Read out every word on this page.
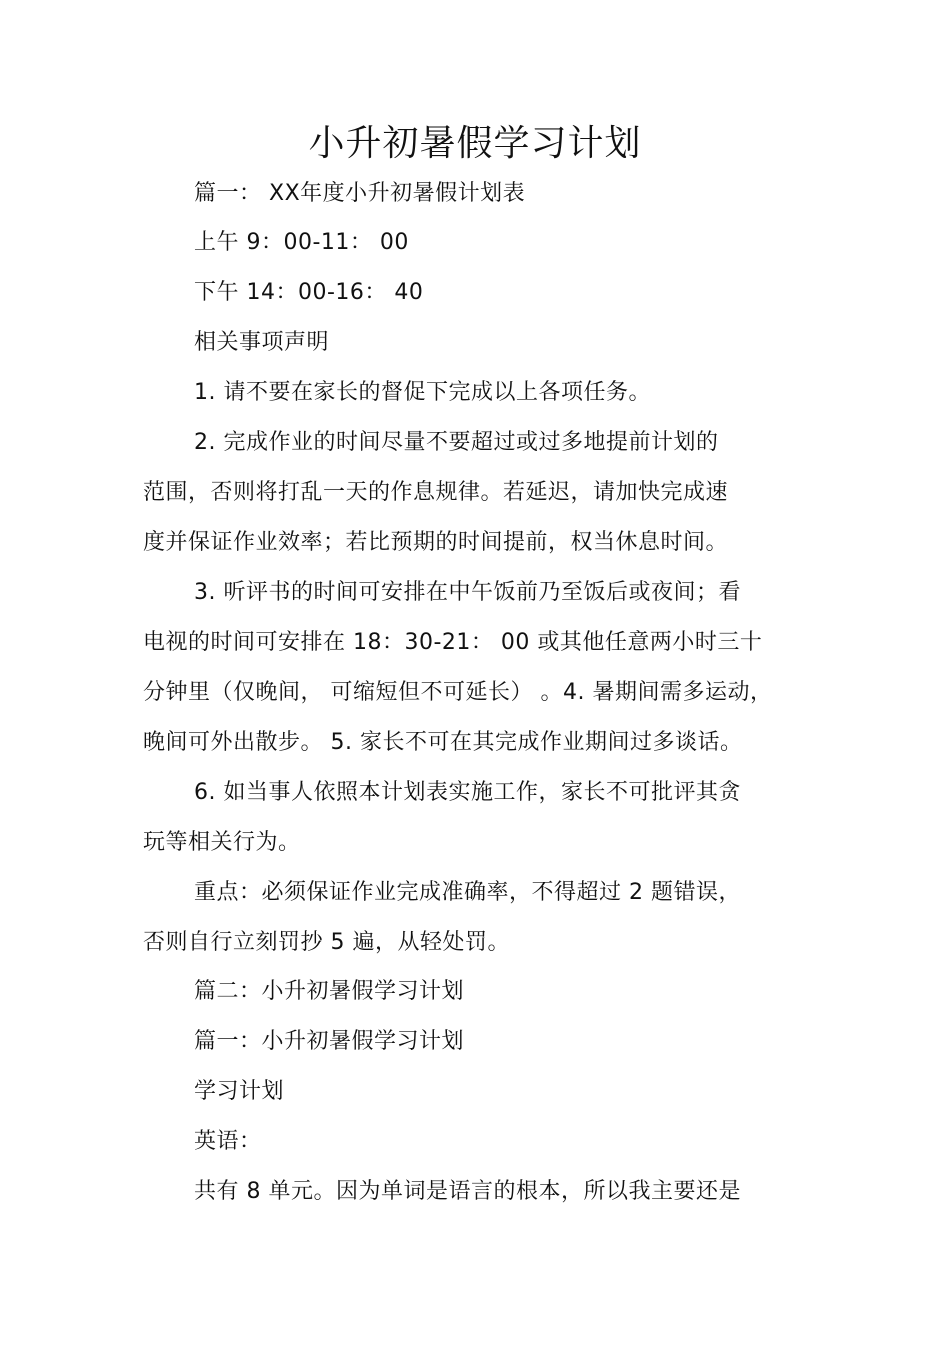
小升初暑假学习计划
篇一： XX年度小升初暑假计划表
上午 9：00-11： 00
下午 14：00-16： 40
相关事项声明
1. 请不要在家长的督促下完成以上各项任务。
2. 完成作业的时间尽量不要超过或过多地提前计划的
范围，否则将打乱一天的作息规律。若延迟，请加快完成速
度并保证作业效率；若比预期的时间提前，权当休息时间。
3. 听评书的时间可安排在中午饭前乃至饭后或夜间；看
电视的时间可安排在 18：30-21： 00 或其他任意两小时三十
分钟里（仅晚间， 可缩短但不可延长） 。4. 暑期间需多运动，
晚间可外出散步。 5. 家长不可在其完成作业期间过多谈话。
6. 如当事人依照本计划表实施工作，家长不可批评其贪
玩等相关行为。
重点：必须保证作业完成准确率，不得超过 2 题错误，
否则自行立刻罚抄 5 遍，从轻处罚。
篇二：小升初暑假学习计划
篇一：小升初暑假学习计划
学习计划
英语：
共有 8 单元。因为单词是语言的根本，所以我主要还是
